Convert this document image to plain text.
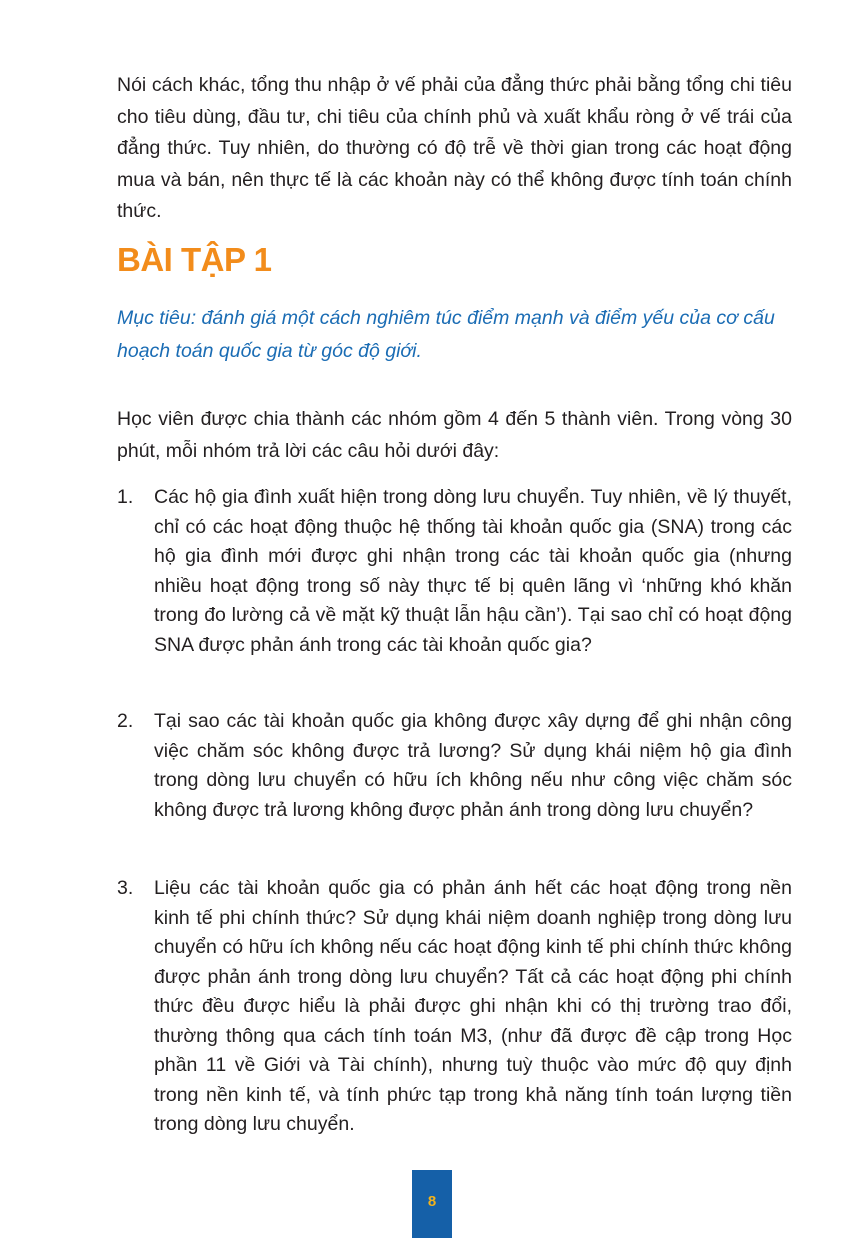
Nói cách khác, tổng thu nhập ở vế phải của đẳng thức phải bằng tổng chi tiêu cho tiêu dùng, đầu tư, chi tiêu của chính phủ và xuất khẩu ròng ở vế trái của đẳng thức. Tuy nhiên, do thường có độ trễ về thời gian trong các hoạt động mua và bán, nên thực tế là các khoản này có thể không được tính toán chính thức.

BÀI TẬP 1

Mục tiêu: đánh giá một cách nghiêm túc điểm mạnh và điểm yếu của cơ cấu hoạch toán quốc gia từ góc độ giới.

Học viên được chia thành các nhóm gồm 4 đến 5 thành viên. Trong vòng 30 phút, mỗi nhóm trả lời các câu hỏi dưới đây:

1.	Các hộ gia đình xuất hiện trong dòng lưu chuyển. Tuy nhiên, về lý thuyết, chỉ có các hoạt động thuộc hệ thống tài khoản quốc gia (SNA) trong các hộ gia đình mới được ghi nhận trong các tài khoản quốc gia (nhưng nhiều hoạt động trong số này thực tế bị quên lãng vì ‘những khó khăn trong đo lường cả về mặt kỹ thuật lẫn hậu cần’). Tại sao chỉ có hoạt động SNA được phản ánh trong các tài khoản quốc gia?
2.	Tại sao các tài khoản quốc gia không được xây dựng để ghi nhận công việc chăm sóc không được trả lương? Sử dụng khái niệm hộ gia đình trong dòng lưu chuyển có hữu ích không nếu như công việc chăm sóc không được trả lương không được phản ánh trong dòng lưu chuyển?
3.	Liệu các tài khoản quốc gia có phản ánh hết các hoạt động trong nền kinh tế phi chính thức? Sử dụng khái niệm doanh nghiệp trong dòng lưu chuyển có hữu ích không nếu các hoạt động kinh tế phi chính thức không được phản ánh trong dòng lưu chuyển? Tất cả các hoạt động phi chính thức đều được hiểu là phải được ghi nhận khi có thị trường trao đổi, thường thông qua cách tính toán M3, (như đã được đề cập trong Học phần 11 về Giới và Tài chính), nhưng tuỳ thuộc vào mức độ quy định trong nền kinh tế, và tính phức tạp trong khả năng tính toán lượng tiền trong dòng lưu chuyển.
8
